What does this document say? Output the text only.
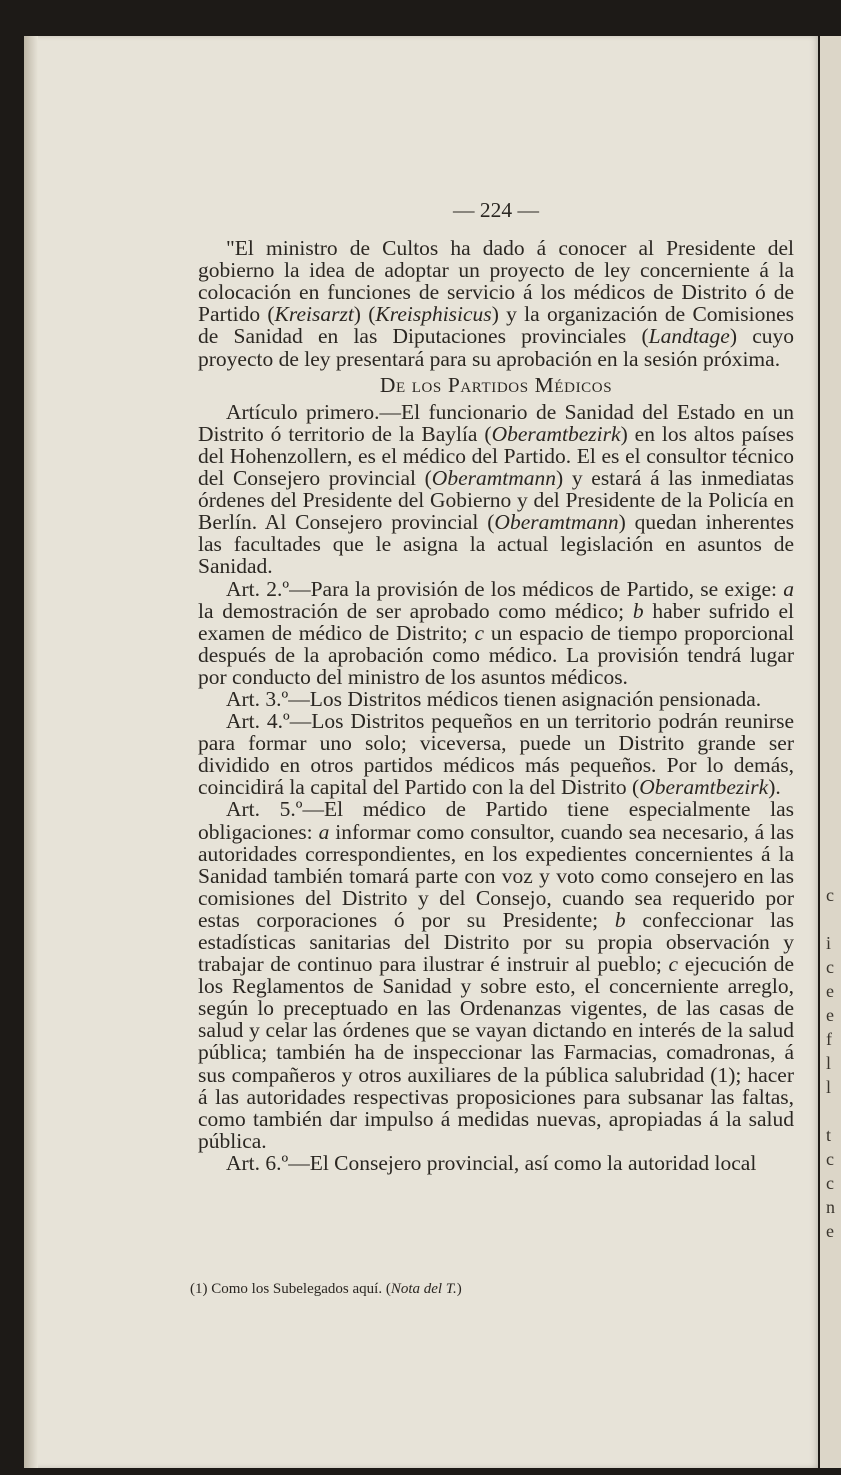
— 224 —

"El ministro de Cultos ha dado á conocer al Presidente del gobierno la idea de adoptar un proyecto de ley concerniente á la colocación en funciones de servicio á los médicos de Distrito ó de Partido (Kreisarzt) (Kreisphisicus) y la organización de Comisiones de Sanidad en las Diputaciones provinciales (Landtage) cuyo proyecto de ley presentará para su aprobación en la sesión próxima.

De los Partidos Médicos

Artículo primero.—El funcionario de Sanidad del Estado en un Distrito ó territorio de la Baylía (Oberamtbezirk) en los altos países del Hohenzollern, es el médico del Partido. El es el consultor técnico del Consejero provincial (Oberamtmann) y estará á las inmediatas órdenes del Presidente del Gobierno y del Presidente de la Policía en Berlín. Al Consejero provincial (Oberamtmann) quedan inherentes las facultades que le asigna la actual legislación en asuntos de Sanidad.

Art. 2.º—Para la provisión de los médicos de Partido, se exige: a la demostración de ser aprobado como médico; b haber sufrido el examen de médico de Distrito; c un espacio de tiempo proporcional después de la aprobación como médico. La provisión tendrá lugar por conducto del ministro de los asuntos médicos.

Art. 3.º—Los Distritos médicos tienen asignación pensionada.

Art. 4.º—Los Distritos pequeños en un territorio podrán reunirse para formar uno solo; viceversa, puede un Distrito grande ser dividido en otros partidos médicos más pequeños. Por lo demás, coincidirá la capital del Partido con la del Distrito (Oberamtbezirk).

Art. 5.º—El médico de Partido tiene especialmente las obligaciones: a informar como consultor, cuando sea necesario, á las autoridades correspondientes, en los expedientes concernientes á la Sanidad también tomará parte con voz y voto como consejero en las comisiones del Distrito y del Consejo, cuando sea requerido por estas corporaciones ó por su Presidente; b confeccionar las estadísticas sanitarias del Distrito por su propia observación y trabajar de continuo para ilustrar é instruir al pueblo; c ejecución de los Reglamentos de Sanidad y sobre esto, el concerniente arreglo, según lo preceptuado en las Ordenanzas vigentes, de las casas de salud y celar las órdenes que se vayan dictando en interés de la salud pública; también ha de inspeccionar las Farmacias, comadronas, á sus compañeros y otros auxiliares de la pública salubridad (1); hacer á las autoridades respectivas proposiciones para subsanar las faltas, como también dar impulso á medidas nuevas, apropiadas á la salud pública.

Art. 6.º—El Consejero provincial, así como la autoridad local

(1) Como los Subelegados aquí. (Nota del T.)
c
i
c
e
e
f
l
l
t
c
c
n
e
